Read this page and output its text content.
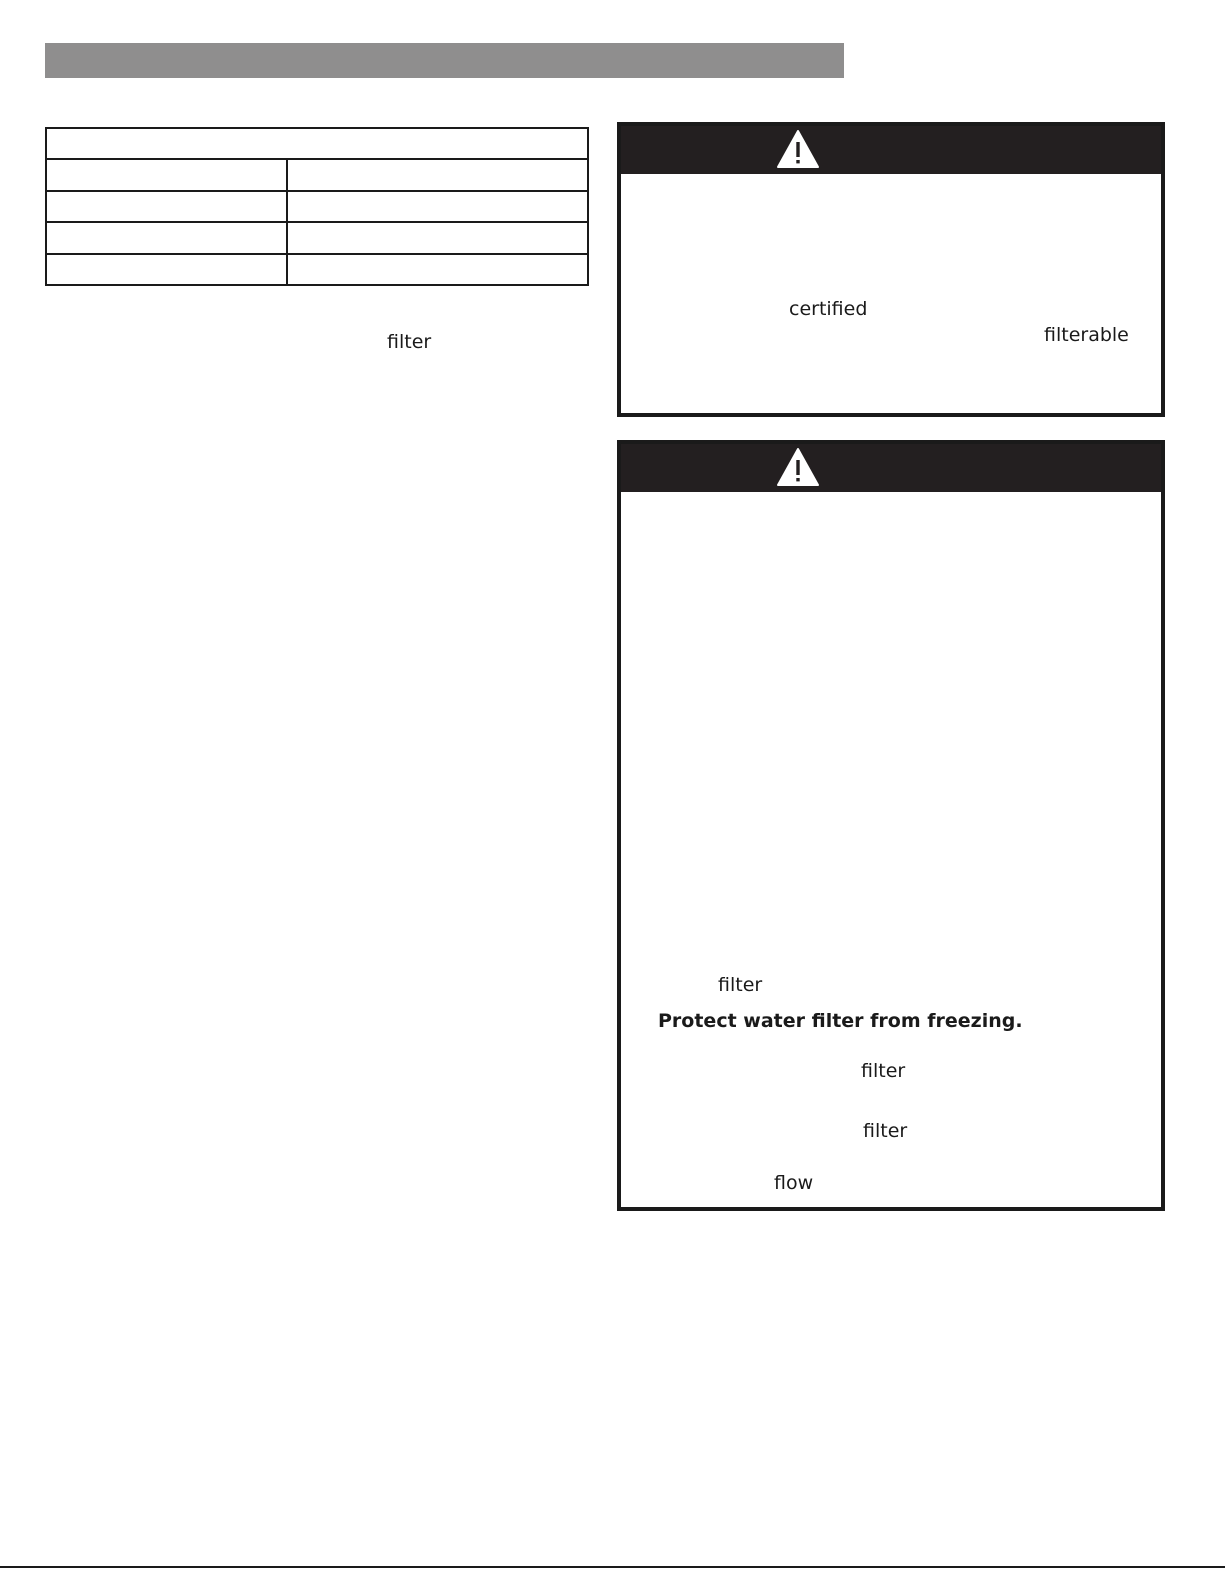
filter
certified
filterable
filter
Protect water filter from freezing.
filter
filter
flow
